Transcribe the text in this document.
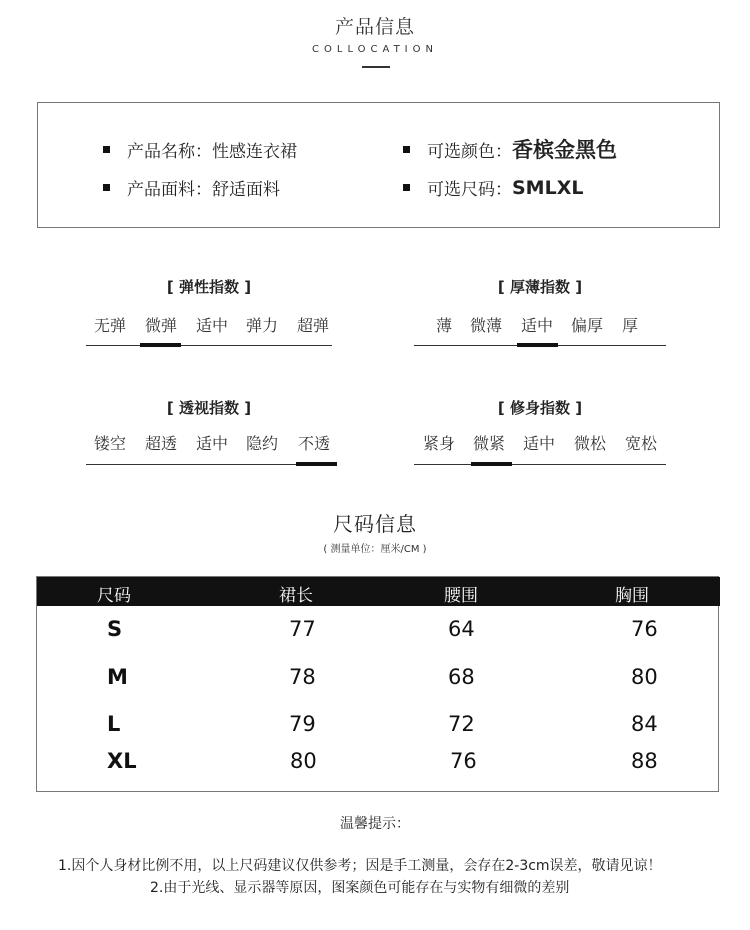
产品信息
COLLOCATION
产品名称： 性感连衣裙
产品面料： 舒适面料
可选颜色： 香槟金黑色
可选尺码： SMLXL
[ 弹性指数 ]
无弹 微弹 适中 弹力 超弹
[ 厚薄指数 ]
薄 微薄 适中 偏厚 厚
[ 透视指数 ]
镂空 超透 适中 隐约 不透
[ 修身指数 ]
紧身 微紧 适中 微松 宽松
尺码信息
( 测量单位：厘米/CM )
尺码	裙长	腰围	胸围
S	77	64	76
M	78	68	80
L	79	72	84
XL	80	76	88
温馨提示：
1.因个人身材比例不用，以上尺码建议仅供参考；因是手工测量，会存在2-3cm误差，敬请见谅！
2.由于光线、显示器等原因，图案颜色可能存在与实物有细微的差别
